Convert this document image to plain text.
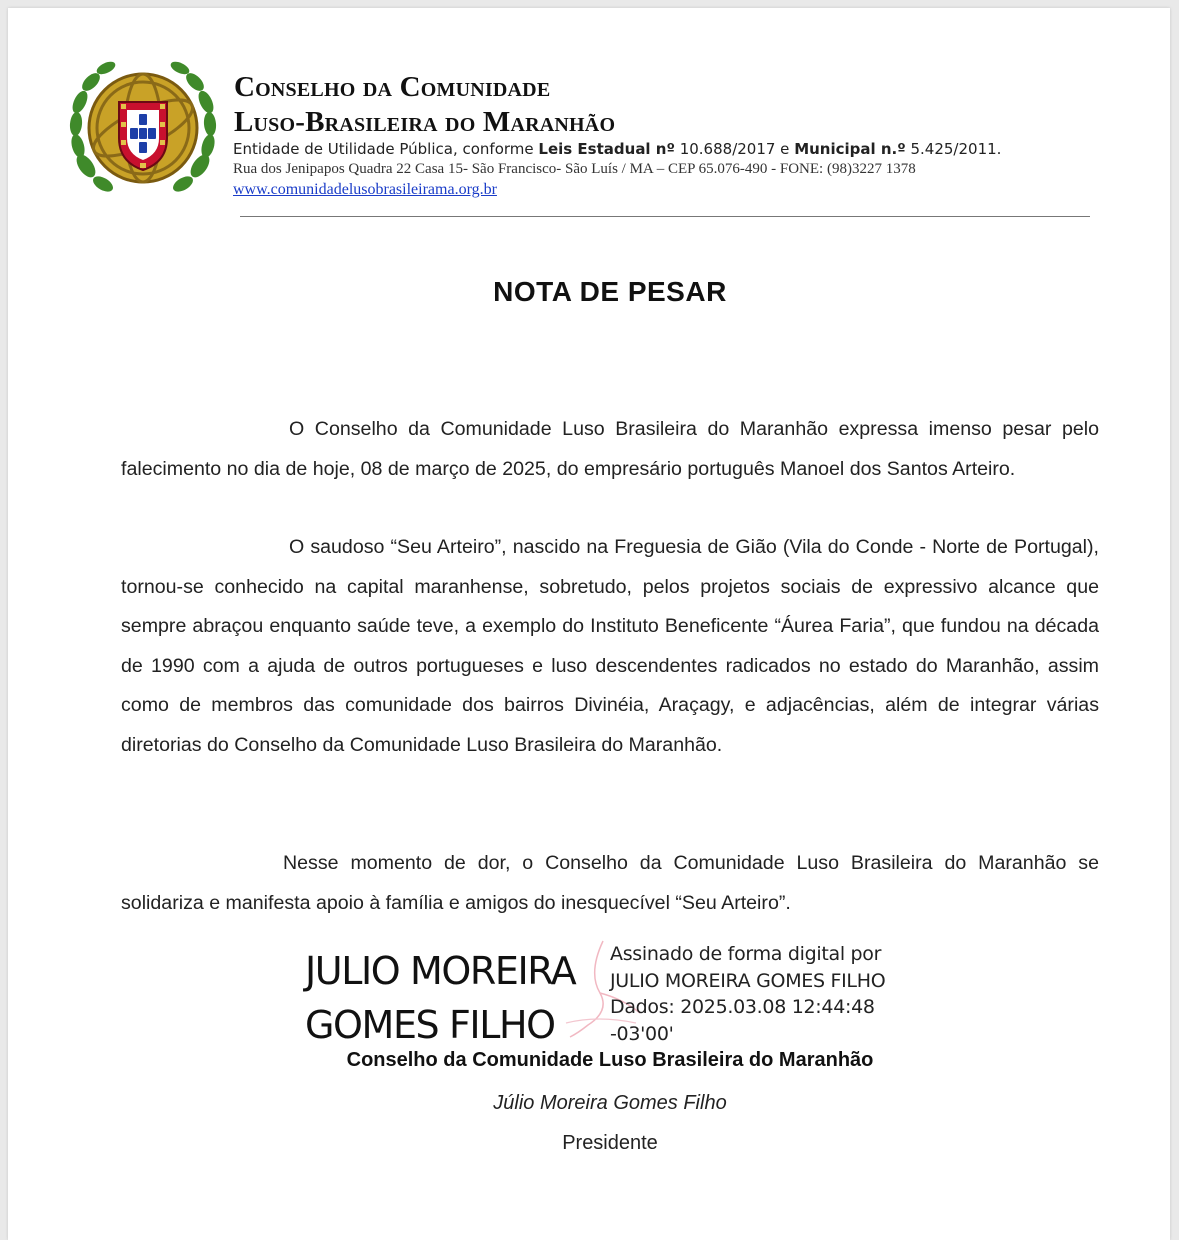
Conselho da Comunidade
Luso-Brasileira do Maranhão
Entidade de Utilidade Pública, conforme Leis Estadual nº 10.688/2017 e Municipal n.º 5.425/2011.
Rua dos Jenipapos Quadra 22 Casa 15- São Francisco- São Luís / MA – CEP 65.076-490 - FONE: (98)3227 1378
www.comunidadelusobrasileirama.org.br
NOTA DE PESAR

O Conselho da Comunidade Luso Brasileira do Maranhão expressa imenso pesar pelo falecimento no dia de hoje, 08 de março de 2025, do empresário português Manoel dos Santos Arteiro.

O saudoso “Seu Arteiro”, nascido na Freguesia de Gião (Vila do Conde - Norte de Portugal), tornou-se conhecido na capital maranhense, sobretudo, pelos projetos sociais de expressivo alcance que sempre abraçou enquanto saúde teve, a exemplo do Instituto Beneficente “Áurea Faria”, que fundou na década de 1990 com a ajuda de outros portugueses e luso descendentes radicados no estado do Maranhão, assim como de membros das comunidade dos bairros Divinéia, Araçagy, e adjacências, além de integrar várias diretorias do Conselho da Comunidade Luso Brasileira do Maranhão.

Nesse momento de dor, o Conselho da Comunidade Luso Brasileira do Maranhão se solidariza e manifesta apoio à família e amigos do inesquecível “Seu Arteiro”.

JULIO MOREIRA
GOMES FILHO
Assinado de forma digital por
JULIO MOREIRA GOMES FILHO
Dados: 2025.03.08 12:44:48
-03'00'
Conselho da Comunidade Luso Brasileira do Maranhão
Júlio Moreira Gomes Filho
Presidente
